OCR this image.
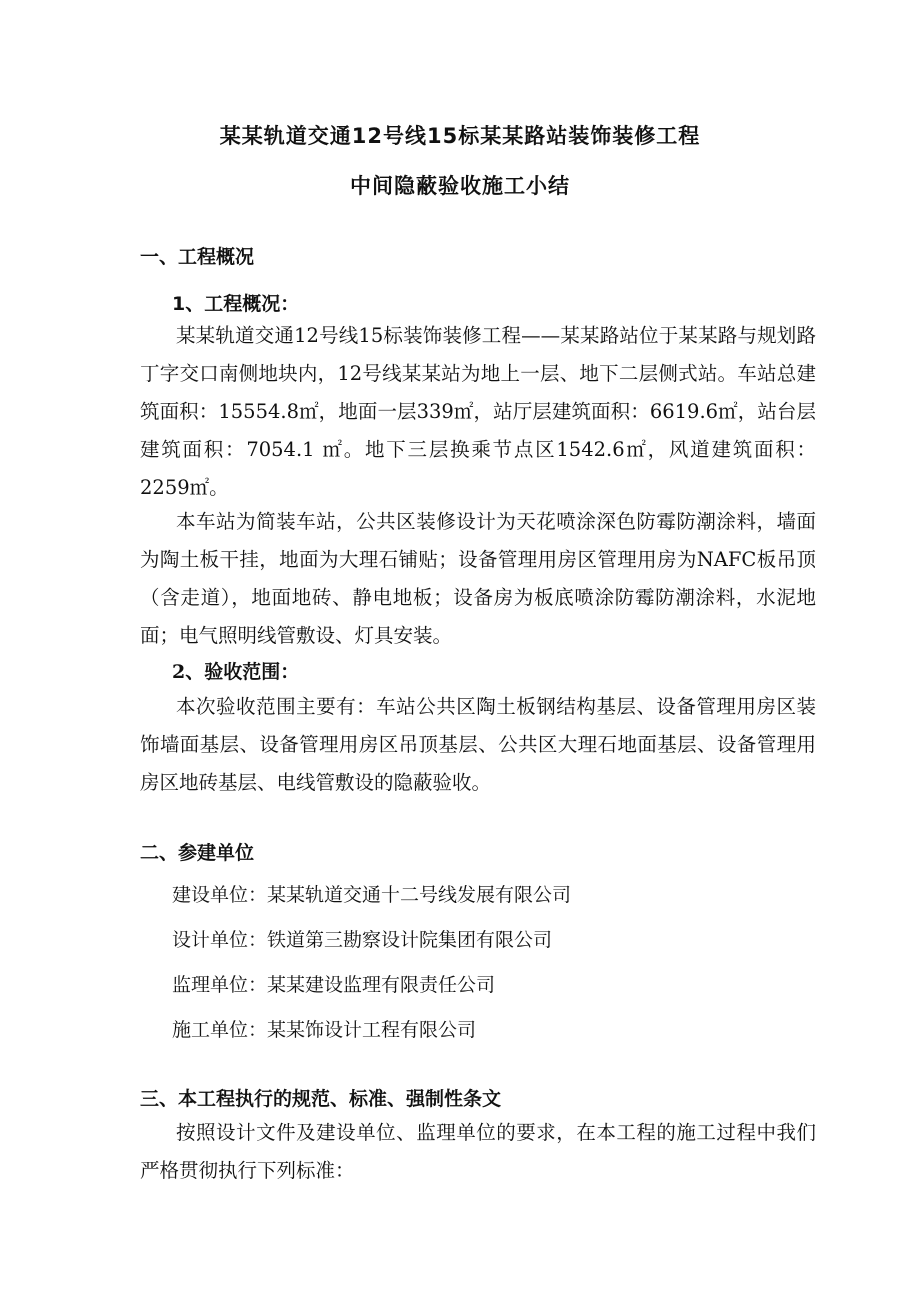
某某轨道交通12号线15标某某路站装饰装修工程
中间隐蔽验收施工小结
一、工程概况
1、工程概况：

某某轨道交通12号线15标装饰装修工程——某某路站位于某某路与规划路丁字交口南侧地块内，12号线某某站为地上一层、地下二层侧式站。车站总建筑面积：15554.8㎡，地面一层339㎡，站厅层建筑面积：6619.6㎡，站台层建筑面积：7054.1 ㎡。地下三层换乘节点区1542.6㎡，风道建筑面积：2259㎡。

本车站为简装车站，公共区装修设计为天花喷涂深色防霉防潮涂料，墙面为陶土板干挂，地面为大理石铺贴；设备管理用房区管理用房为NAFC板吊顶（含走道），地面地砖、静电地板；设备房为板底喷涂防霉防潮涂料，水泥地面；电气照明线管敷设、灯具安装。

2、验收范围：

本次验收范围主要有：车站公共区陶土板钢结构基层、设备管理用房区装饰墙面基层、设备管理用房区吊顶基层、公共区大理石地面基层、设备管理用房区地砖基层、电线管敷设的隐蔽验收。

二、参建单位

建设单位：某某轨道交通十二号线发展有限公司

设计单位：铁道第三勘察设计院集团有限公司

监理单位：某某建设监理有限责任公司

施工单位：某某饰设计工程有限公司

三、本工程执行的规范、标准、强制性条文

按照设计文件及建设单位、监理单位的要求，在本工程的施工过程中我们严格贯彻执行下列标准：
